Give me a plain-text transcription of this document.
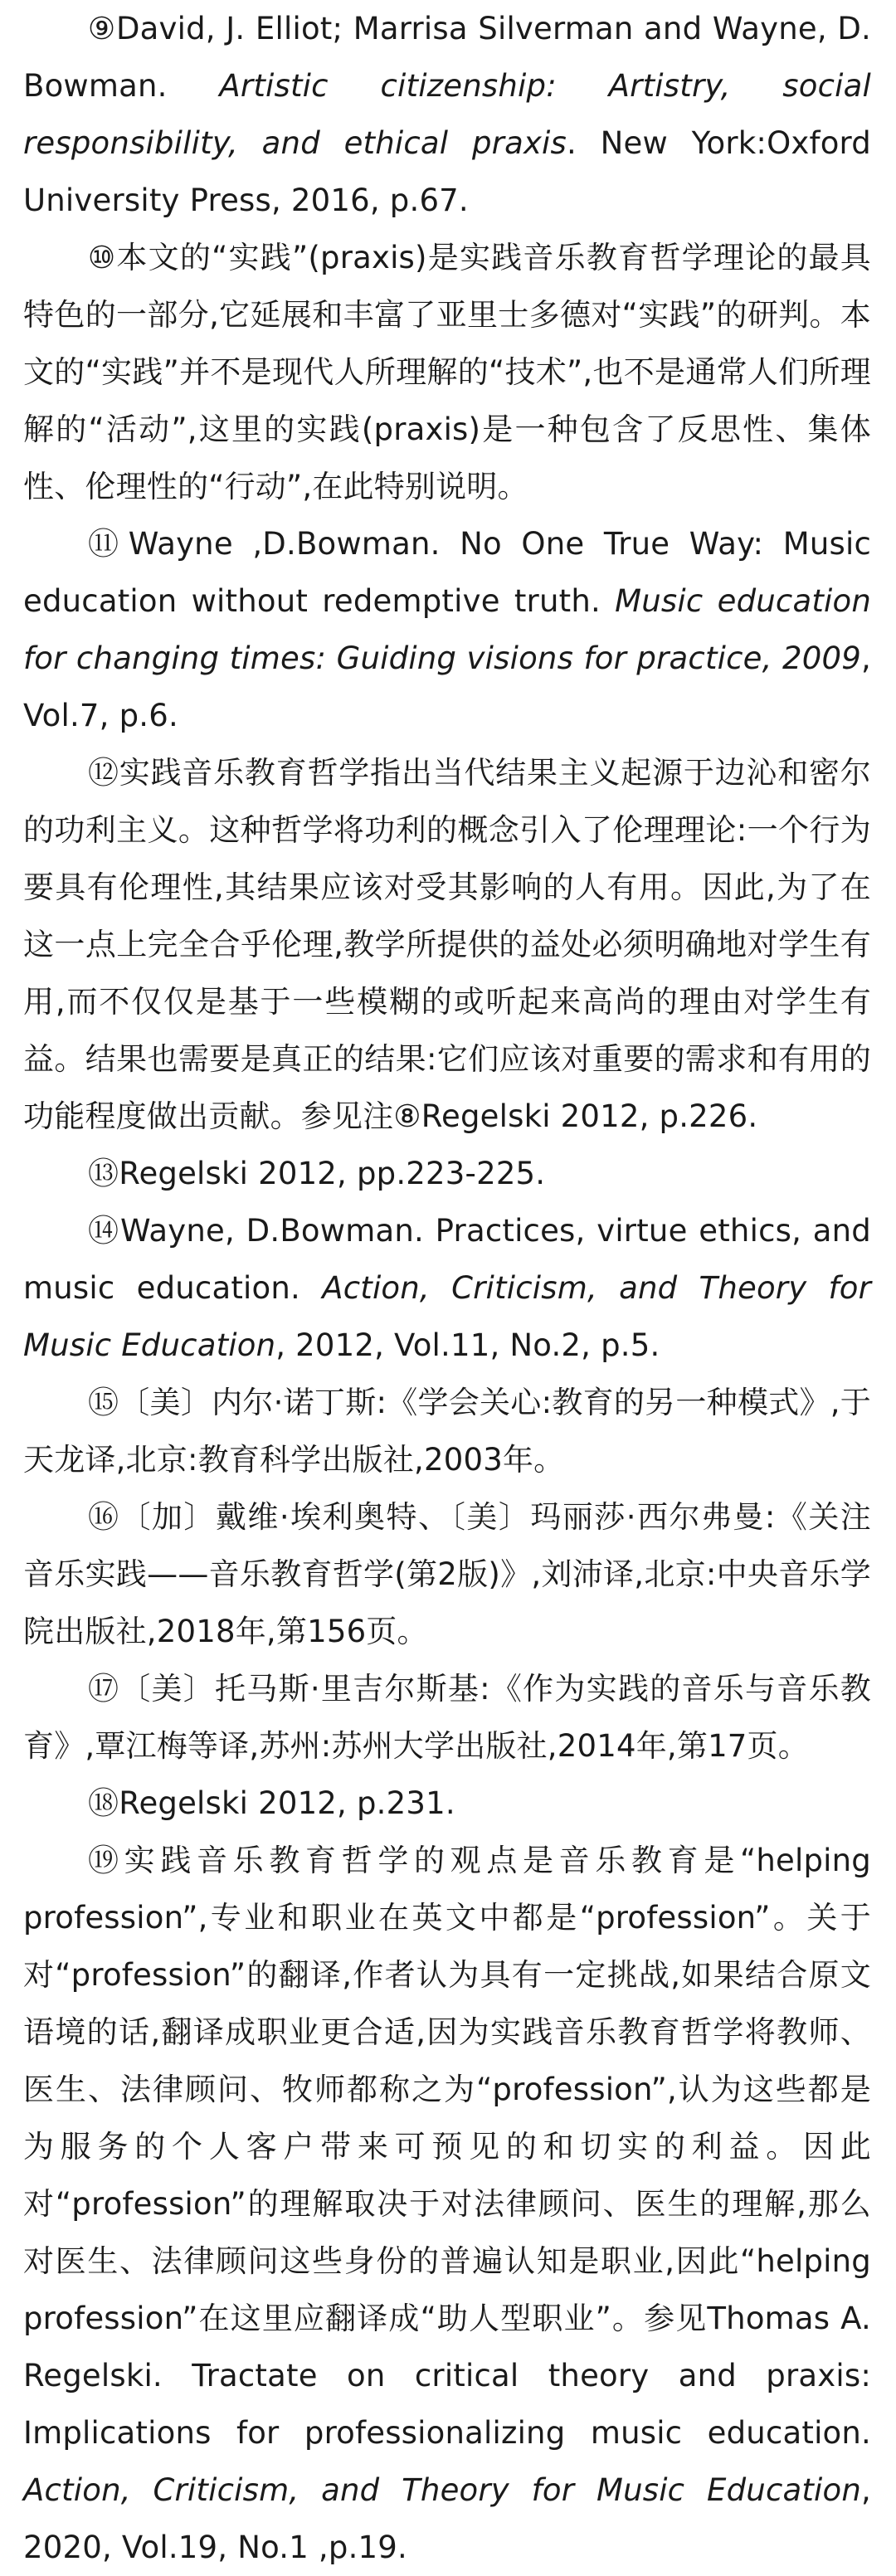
⑨David, J. Elliot; Marrisa Silverman and Wayne, D. Bowman. Artistic citizenship: Artistry, social responsibility, and ethical praxis. New York:Oxford University Press, 2016, p.67.

⑩本文的“实践”(praxis)是实践音乐教育哲学理论的最具特色的一部分,它延展和丰富了亚里士多德对“实践”的研判。本文的“实践”并不是现代人所理解的“技术”,也不是通常人们所理解的“活动”,这里的实践(praxis)是一种包含了反思性、集体性、伦理性的“行动”,在此特别说明。

⑪Wayne ,D.Bowman. No One True Way: Music education without redemptive truth. Music education for changing times: Guiding visions for practice, 2009, Vol.7, p.6.

⑫实践音乐教育哲学指出当代结果主义起源于边沁和密尔的功利主义。这种哲学将功利的概念引入了伦理理论:一个行为要具有伦理性,其结果应该对受其影响的人有用。因此,为了在这一点上完全合乎伦理,教学所提供的益处必须明确地对学生有用,而不仅仅是基于一些模糊的或听起来高尚的理由对学生有益。结果也需要是真正的结果:它们应该对重要的需求和有用的功能程度做出贡献。参见注⑧Regelski 2012, p.226.

⑬Regelski 2012, pp.223-225.

⑭Wayne, D.Bowman. Practices, virtue ethics, and music education. Action, Criticism, and Theory for Music Education, 2012, Vol.11, No.2, p.5.

⑮〔美〕内尔·诺丁斯:《学会关心:教育的另一种模式》,于天龙译,北京:教育科学出版社,2003年。

⑯〔加〕戴维·埃利奥特、〔美〕玛丽莎·西尔弗曼:《关注音乐实践——音乐教育哲学(第2版)》,刘沛译,北京:中央音乐学院出版社,2018年,第156页。

⑰〔美〕托马斯·里吉尔斯基:《作为实践的音乐与音乐教育》,覃江梅等译,苏州:苏州大学出版社,2014年,第17页。

⑱Regelski 2012, p.231.

⑲实践音乐教育哲学的观点是音乐教育是“helping profession”,专业和职业在英文中都是“profession”。关于对“profession”的翻译,作者认为具有一定挑战,如果结合原文语境的话,翻译成职业更合适,因为实践音乐教育哲学将教师、医生、法律顾问、牧师都称之为“profession”,认为这些都是为服务的个人客户带来可预见的和切实的利益。因此对“profession”的理解取决于对法律顾问、医生的理解,那么对医生、法律顾问这些身份的普遍认知是职业,因此“helping profession”在这里应翻译成“助人型职业”。参见Thomas A. Regelski. Tractate on critical theory and praxis: Implications for professionalizing music education. Action, Criticism, and Theory for Music Education, 2020, Vol.19, No.1 ,p.19.
